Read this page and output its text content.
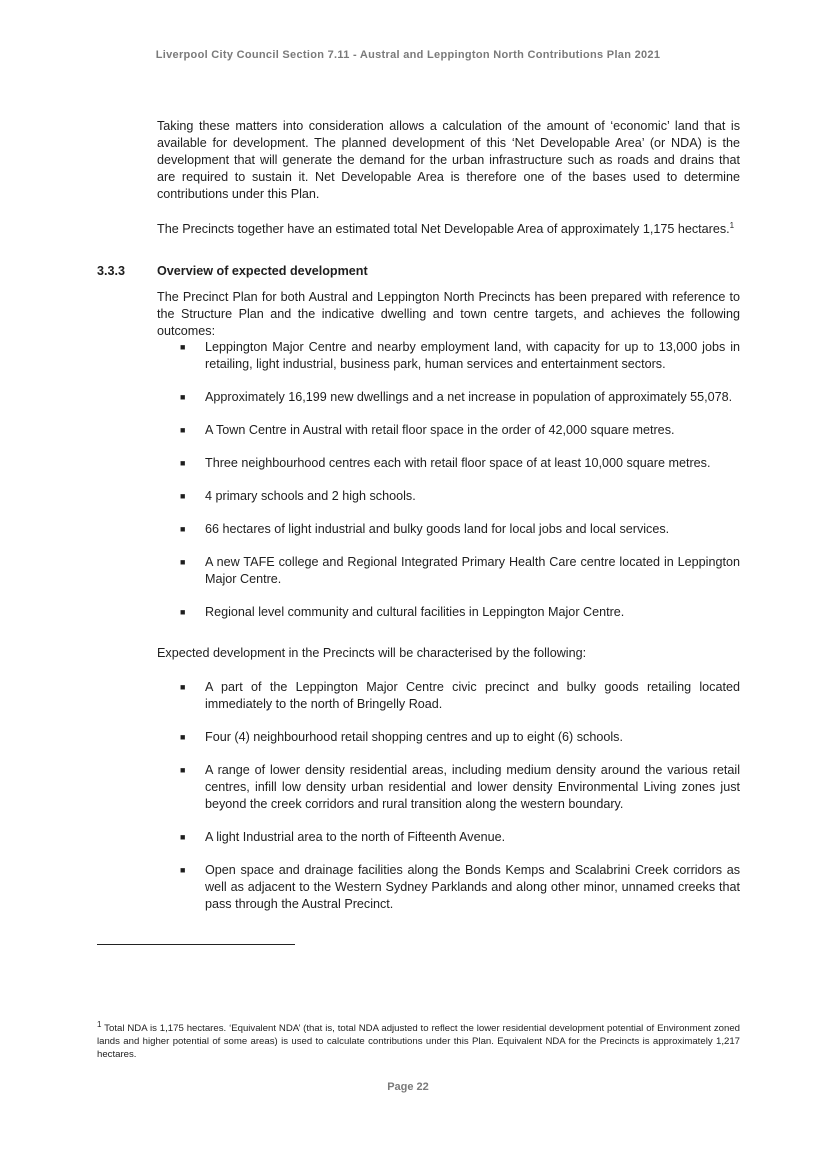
Liverpool City Council Section 7.11 - Austral and Leppington North Contributions Plan 2021

Taking these matters into consideration allows a calculation of the amount of ‘economic’ land that is available for development. The planned development of this ‘Net Developable Area’ (or NDA) is the development that will generate the demand for the urban infrastructure such as roads and drains that are required to sustain it. Net Developable Area is therefore one of the bases used to determine contributions under this Plan.

The Precincts together have an estimated total Net Developable Area of approximately 1,175 hectares.$^1$

3.3.3	Overview of expected development

The Precinct Plan for both Austral and Leppington North Precincts has been prepared with reference to the Structure Plan and the indicative dwelling and town centre targets, and achieves the following outcomes:

■ Leppington Major Centre and nearby employment land, with capacity for up to 13,000 jobs in retailing, light industrial, business park, human services and entertainment sectors.
■ Approximately 16,199 new dwellings and a net increase in population of approximately 55,078.
■ A Town Centre in Austral with retail floor space in the order of 42,000 square metres.
■ Three neighbourhood centres each with retail floor space of at least 10,000 square metres.
■ 4 primary schools and 2 high schools.
■ 66 hectares of light industrial and bulky goods land for local jobs and local services.
■ A new TAFE college and Regional Integrated Primary Health Care centre located in Leppington Major Centre.
■ Regional level community and cultural facilities in Leppington Major Centre.

Expected development in the Precincts will be characterised by the following:

■ A part of the Leppington Major Centre civic precinct and bulky goods retailing located immediately to the north of Bringelly Road.
■ Four (4) neighbourhood retail shopping centres and up to eight (6) schools.
■ A range of lower density residential areas, including medium density around the various retail centres, infill low density urban residential and lower density Environmental Living zones just beyond the creek corridors and rural transition along the western boundary.
■ A light Industrial area to the north of Fifteenth Avenue.
■ Open space and drainage facilities along the Bonds Kemps and Scalabrini Creek corridors as well as adjacent to the Western Sydney Parklands and along other minor, unnamed creeks that pass through the Austral Precinct.

$^1$ Total NDA is 1,175 hectares. ‘Equivalent NDA’ (that is, total NDA adjusted to reflect the lower residential development potential of Environment zoned lands and higher potential of some areas) is used to calculate contributions under this Plan. Equivalent NDA for the Precincts is approximately 1,217 hectares.

Page 22
